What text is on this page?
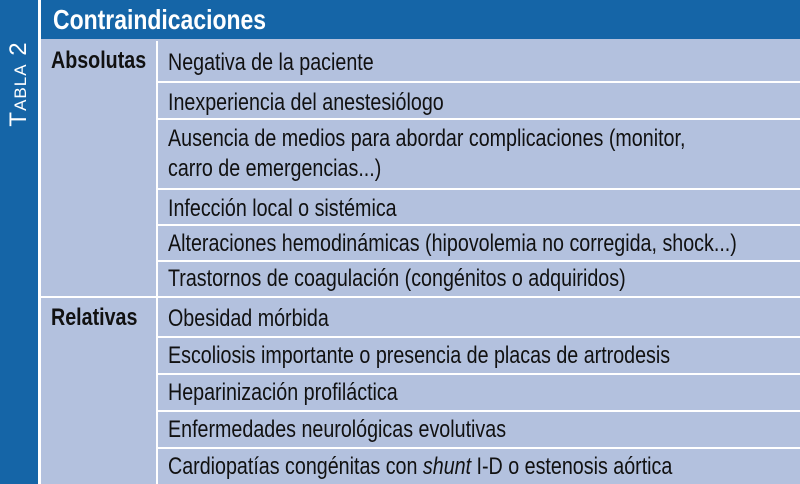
Tabla 2
Contraindicaciones
Absolutas Negativa de la paciente
Inexperiencia del anestesiólogo
Ausencia de medios para abordar complicaciones (monitor,
carro de emergencias...)
Infección local o sistémica
Alteraciones hemodinámicas (hipovolemia no corregida, shock...)
Trastornos de coagulación (congénitos o adquiridos)
Relativas Obesidad mórbida
Escoliosis importante o presencia de placas de artrodesis
Heparinización profiláctica
Enfermedades neurológicas evolutivas
Cardiopatías congénitas con shunt I-D o estenosis aórtica
